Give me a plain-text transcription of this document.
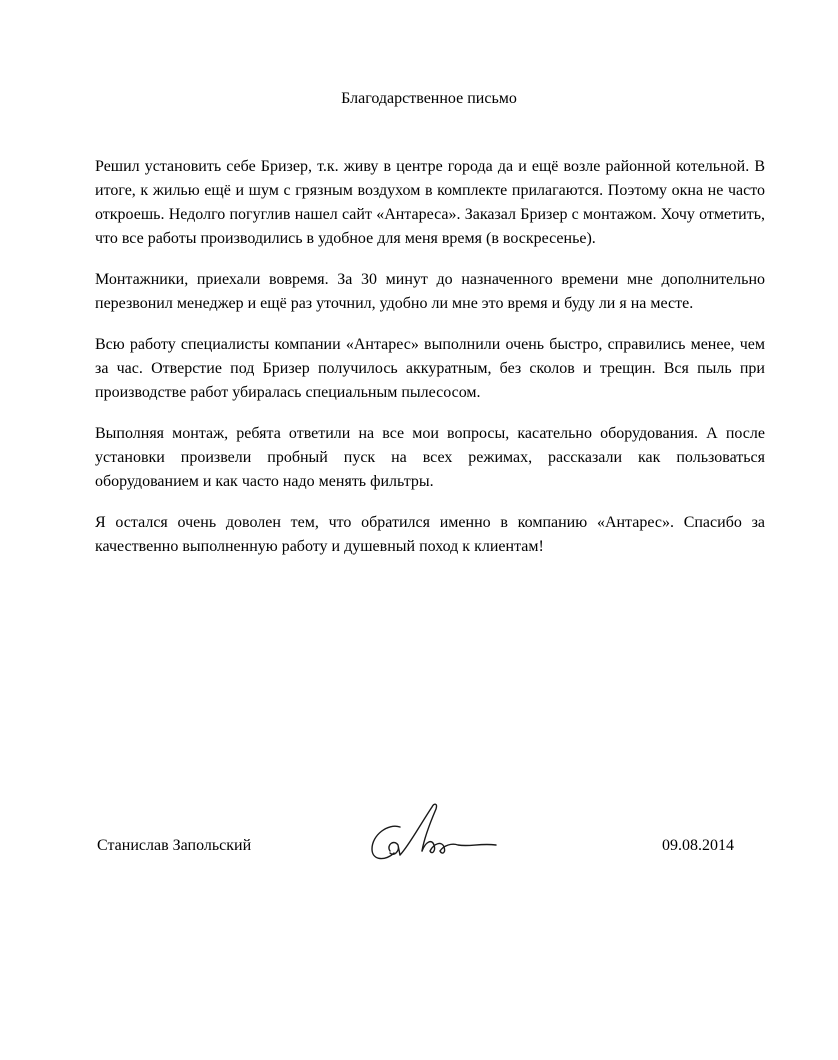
Благодарственное письмо

Решил установить себе Бризер, т.к. живу в центре города да и ещё возле районной котельной. В итоге, к жилью ещё и шум с грязным воздухом в комплекте прилагаются. Поэтому окна не часто откроешь. Недолго погуглив нашел сайт «Антареса». Заказал Бризер с монтажом. Хочу отметить, что все работы производились в удобное для меня время (в воскресенье).

Монтажники, приехали вовремя. За 30 минут до назначенного времени мне дополнительно перезвонил менеджер и ещё раз уточнил, удобно ли мне это время и буду ли я на месте.

Всю работу специалисты компании «Антарес» выполнили очень быстро, справились менее, чем за час. Отверстие под Бризер получилось аккуратным, без сколов и трещин. Вся пыль при производстве работ убиралась специальным пылесосом.

Выполняя монтаж, ребята ответили на все мои вопросы, касательно оборудования. А после установки произвели пробный пуск на всех режимах, рассказали как пользоваться оборудованием и как часто надо менять фильтры.

Я остался очень доволен тем, что обратился именно в компанию «Антарес». Спасибо за качественно выполненную работу и душевный поход к клиентам!

Станислав Запольский	09.08.2014
